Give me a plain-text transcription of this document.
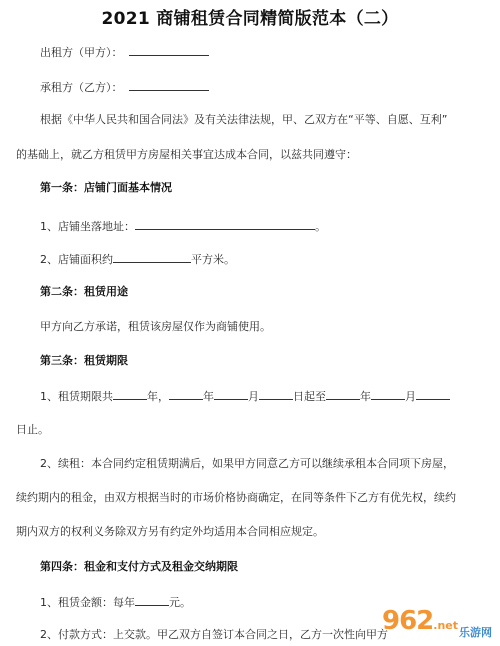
2021 商铺租赁合同精简版范本（二）
出租方（甲方）：
承租方（乙方）：
根据《中华人民共和国合同法》及有关法律法规，甲、乙双方在“平等、自愿、互利”
的基础上，就乙方租赁甲方房屋相关事宜达成本合同，以兹共同遵守：
第一条：店铺门面基本情况
1、店铺坐落地址：	。
2、店铺面积约	平方米。
第二条：租赁用途
甲方向乙方承诺，租赁该房屋仅作为商铺使用。
第三条：租赁期限
1、租赁期限共	年，	年	月	日起至	年	月
日止。
2、续租：本合同约定租赁期满后，如果甲方同意乙方可以继续承租本合同项下房屋，
续约期内的租金，由双方根据当时的市场价格协商确定，在同等条件下乙方有优先权，续约
期内双方的权利义务除双方另有约定外均适用本合同相应规定。
第四条：租金和支付方式及租金交纳期限
1、租赁金额：每年	元。
2、付款方式：上交款。甲乙双方自签订本合同之日，乙方一次性向甲方
962.net
乐游网
